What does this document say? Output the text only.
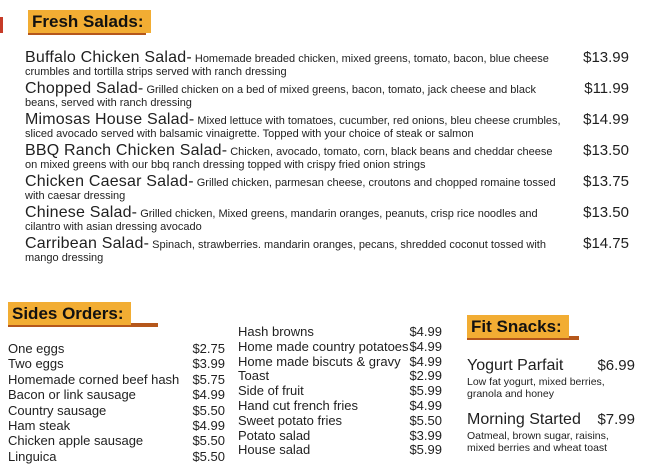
Fresh Salads:
Buffalo Chicken Salad- Homemade breaded chicken, mixed greens, tomato, bacon, blue cheese crumbles and tortilla strips served with ranch dressing
$13.99
Chopped Salad- Grilled chicken on a bed of mixed greens, bacon, tomato, jack cheese and black beans, served with ranch dressing
$11.99
Mimosas House Salad- Mixed lettuce with tomatoes, cucumber, red onions, bleu cheese crumbles, sliced avocado served with balsamic vinaigrette. Topped with your choice of steak or salmon
$14.99
BBQ Ranch Chicken Salad- Chicken, avocado, tomato, corn, black beans and cheddar cheese on mixed greens with our bbq ranch dressing topped with crispy fried onion strings
$13.50
Chicken Caesar Salad- Grilled chicken, parmesan cheese, croutons and chopped romaine tossed with caesar dressing
$13.75
Chinese Salad- Grilled chicken, Mixed greens, mandarin oranges, peanuts, crisp rice noodles and cilantro with asian dressing avocado
$13.50
Carribean Salad- Spinach, strawberries. mandarin oranges, pecans, shredded coconut tossed with mango dressing
$14.75
Sides Orders:
One eggs	$2.75
Two eggs	$3.99
Homemade corned beef hash $5.75
Bacon or link sausage	$4.99
Country sausage	$5.50
Ham steak	$4.99
Chicken apple sausage	$5.50
Linguica	$5.50
Hash browns	$4.99
Home made country potatoes $4.99
Home made biscuts & gravy $4.99
Toast	$2.99
Side of fruit	$5.99
Hand cut french fries	$4.99
Sweet potato fries	$5.50
Potato salad	$3.99
House salad	$5.99
Fit Snacks:
Yogurt Parfait $6.99
Low fat yogurt, mixed berries, granola and honey
Morning Started $7.99
Oatmeal, brown sugar, raisins, mixed berries and wheat toast
